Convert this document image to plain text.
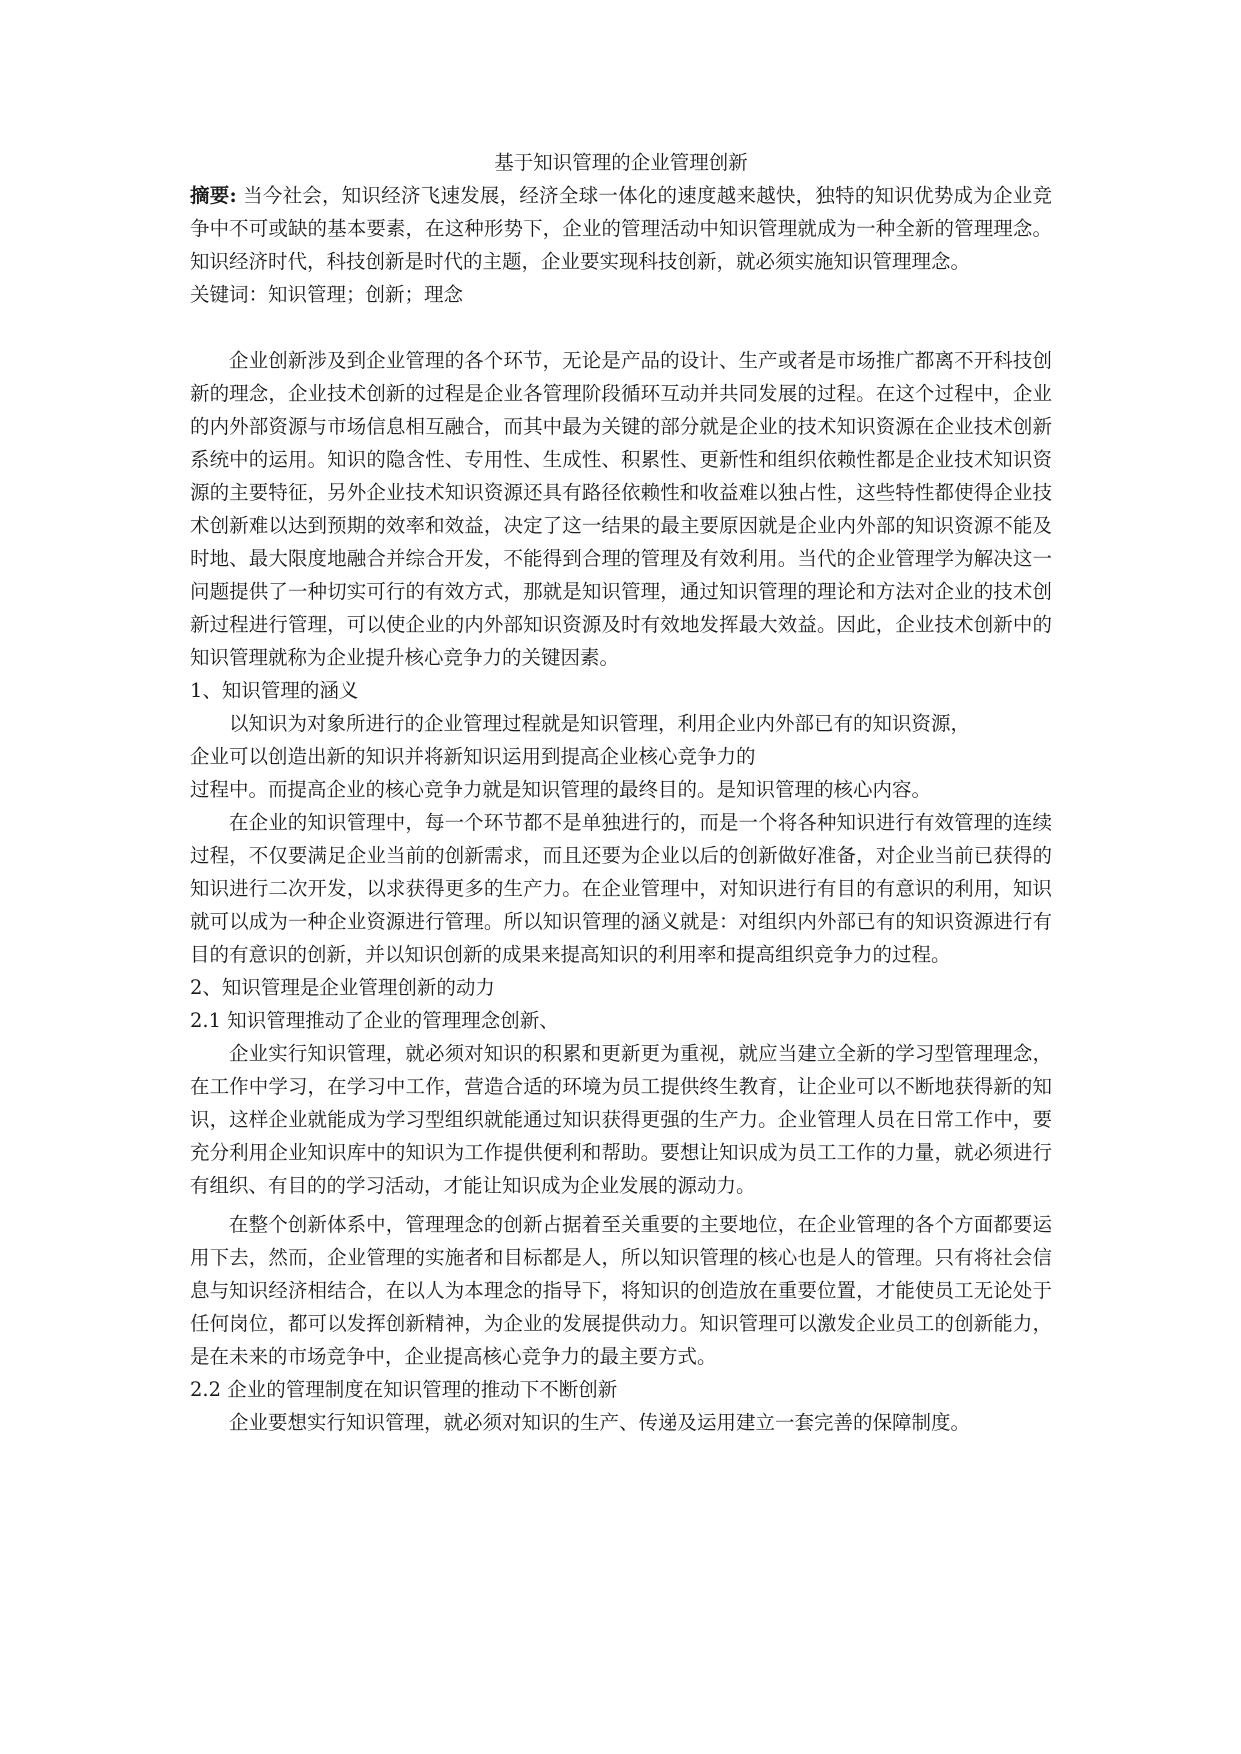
基于知识管理的企业管理创新

摘要: 当今社会，知识经济飞速发展，经济全球一体化的速度越来越快，独特的知识优势成为企业竞争中不可或缺的基本要素，在这种形势下，企业的管理活动中知识管理就成为一种全新的管理理念。知识经济时代，科技创新是时代的主题，企业要实现科技创新，就必须实施知识管理理念。

关键词：知识管理；创新；理念

企业创新涉及到企业管理的各个环节，无论是产品的设计、生产或者是市场推广都离不开科技创新的理念，企业技术创新的过程是企业各管理阶段循环互动并共同发展的过程。在这个过程中，企业的内外部资源与市场信息相互融合，而其中最为关键的部分就是企业的技术知识资源在企业技术创新系统中的运用。知识的隐含性、专用性、生成性、积累性、更新性和组织依赖性都是企业技术知识资源的主要特征，另外企业技术知识资源还具有路径依赖性和收益难以独占性，这些特性都使得企业技术创新难以达到预期的效率和效益，决定了这一结果的最主要原因就是企业内外部的知识资源不能及时地、最大限度地融合并综合开发，不能得到合理的管理及有效利用。当代的企业管理学为解决这一问题提供了一种切实可行的有效方式，那就是知识管理，通过知识管理的理论和方法对企业的技术创新过程进行管理，可以使企业的内外部知识资源及时有效地发挥最大效益。因此，企业技术创新中的知识管理就称为企业提升核心竞争力的关键因素。

1、知识管理的涵义

以知识为对象所进行的企业管理过程就是知识管理，利用企业内外部已有的知识资源，

企业可以创造出新的知识并将新知识运用到提高企业核心竞争力的

过程中。而提高企业的核心竞争力就是知识管理的最终目的。是知识管理的核心内容。

在企业的知识管理中，每一个环节都不是单独进行的，而是一个将各种知识进行有效管理的连续过程，不仅要满足企业当前的创新需求，而且还要为企业以后的创新做好准备，对企业当前已获得的知识进行二次开发，以求获得更多的生产力。在企业管理中，对知识进行有目的有意识的利用，知识就可以成为一种企业资源进行管理。所以知识管理的涵义就是：对组织内外部已有的知识资源进行有目的有意识的创新，并以知识创新的成果来提高知识的利用率和提高组织竞争力的过程。

2、知识管理是企业管理创新的动力

2.1 知识管理推动了企业的管理理念创新、

企业实行知识管理，就必须对知识的积累和更新更为重视，就应当建立全新的学习型管理理念，在工作中学习，在学习中工作，营造合适的环境为员工提供终生教育，让企业可以不断地获得新的知识，这样企业就能成为学习型组织就能通过知识获得更强的生产力。企业管理人员在日常工作中，要充分利用企业知识库中的知识为工作提供便利和帮助。要想让知识成为员工工作的力量，就必须进行有组织、有目的的学习活动，才能让知识成为企业发展的源动力。

在整个创新体系中，管理理念的创新占据着至关重要的主要地位，在企业管理的各个方面都要运用下去，然而，企业管理的实施者和目标都是人，所以知识管理的核心也是人的管理。只有将社会信息与知识经济相结合，在以人为本理念的指导下，将知识的创造放在重要位置，才能使员工无论处于任何岗位，都可以发挥创新精神，为企业的发展提供动力。知识管理可以激发企业员工的创新能力，是在未来的市场竞争中，企业提高核心竞争力的最主要方式。

2.2 企业的管理制度在知识管理的推动下不断创新

企业要想实行知识管理，就必须对知识的生产、传递及运用建立一套完善的保障制度。
